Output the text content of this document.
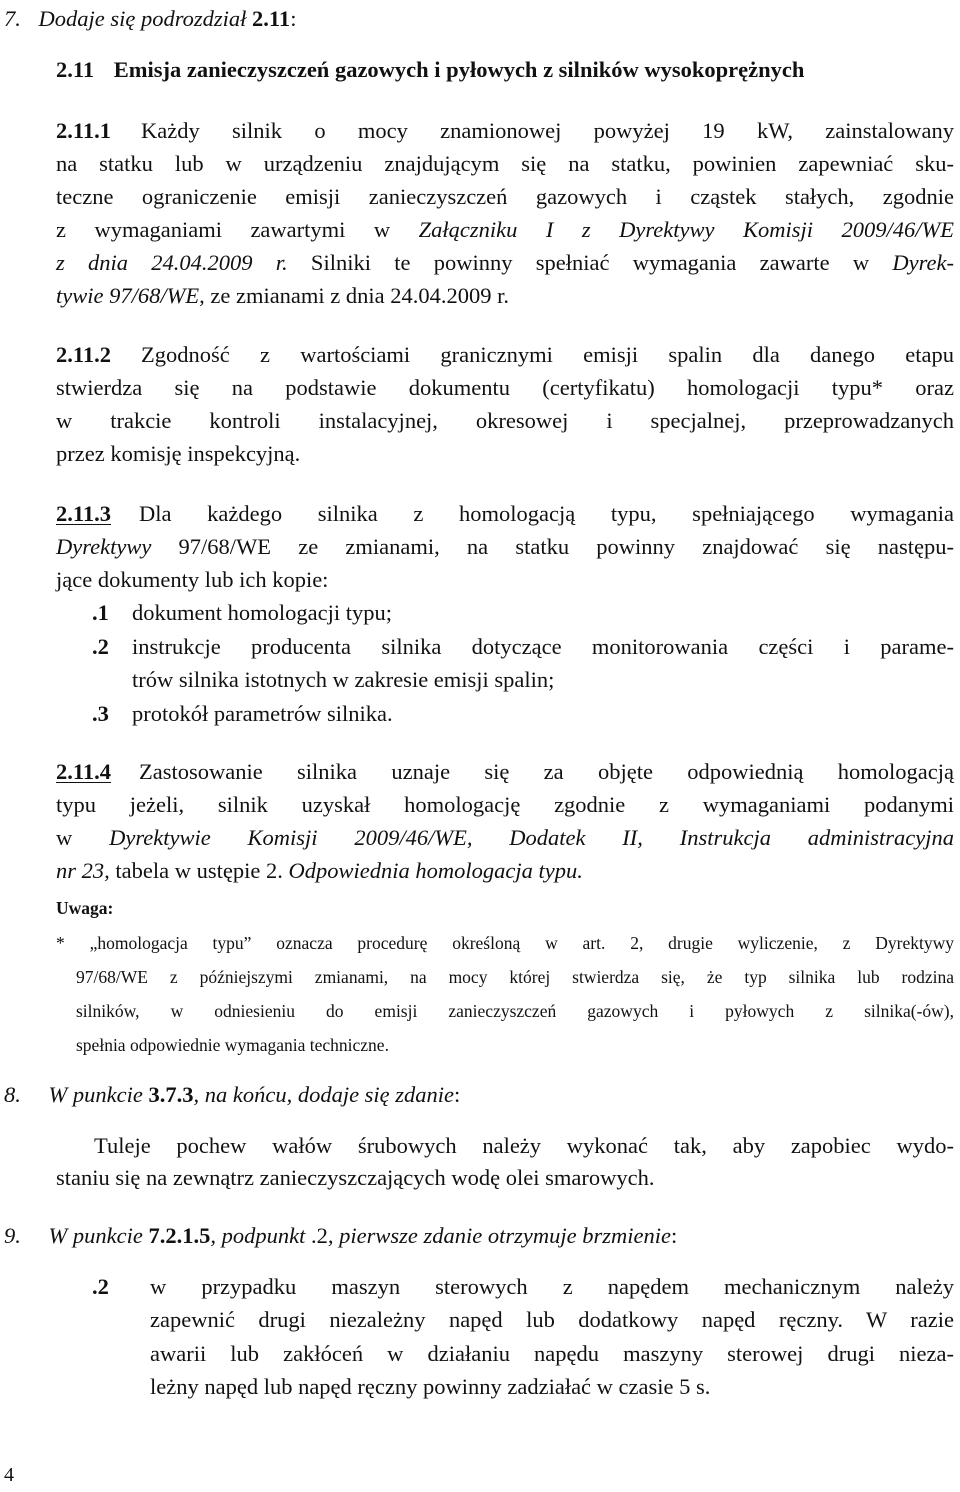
7. Dodaje się podrozdział 2.11:
2.11 Emisja zanieczyszczeń gazowych i pyłowych z silników wysokoprężnych
2.11.1 Każdy silnik o mocy znamionowej powyżej 19 kW, zainstalowany
na statku lub w urządzeniu znajdującym się na statku, powinien zapewniać sku-
teczne ograniczenie emisji zanieczyszczeń gazowych i cząstek stałych, zgodnie
z wymaganiami zawartymi w Załączniku I z Dyrektywy Komisji 2009/46/WE
z dnia 24.04.2009 r. Silniki te powinny spełniać wymagania zawarte w Dyrek-
tywie 97/68/WE, ze zmianami z dnia 24.04.2009 r.
2.11.2 Zgodność z wartościami granicznymi emisji spalin dla danego etapu
stwierdza się na podstawie dokumentu (certyfikatu) homologacji typu* oraz
w trakcie kontroli instalacyjnej, okresowej i specjalnej, przeprowadzanych
przez komisję inspekcyjną.
2.11.3 Dla każdego silnika z homologacją typu, spełniającego wymagania
Dyrektywy 97/68/WE ze zmianami, na statku powinny znajdować się następu-
jące dokumenty lub ich kopie:
.1 dokument homologacji typu;
.2 instrukcje producenta silnika dotyczące monitorowania części i parame-
trów silnika istotnych w zakresie emisji spalin;
.3 protokół parametrów silnika.
2.11.4 Zastosowanie silnika uznaje się za objęte odpowiednią homologacją
typu jeżeli, silnik uzyskał homologację zgodnie z wymaganiami podanymi
w Dyrektywie Komisji 2009/46/WE, Dodatek II, Instrukcja administracyjna
nr 23, tabela w ustępie 2. Odpowiednia homologacja typu.
Uwaga:
* „homologacja typu” oznacza procedurę określoną w art. 2, drugie wyliczenie, z Dyrektywy
97/68/WE z późniejszymi zmianami, na mocy której stwierdza się, że typ silnika lub rodzina
silników, w odniesieniu do emisji zanieczyszczeń gazowych i pyłowych z silnika(-ów),
spełnia odpowiednie wymagania techniczne.
8. W punkcie 3.7.3, na końcu, dodaje się zdanie:
Tuleje pochew wałów śrubowych należy wykonać tak, aby zapobiec wydo-
staniu się na zewnątrz zanieczyszczających wodę olei smarowych.
9. W punkcie 7.2.1.5, podpunkt .2, pierwsze zdanie otrzymuje brzmienie:
.2 w przypadku maszyn sterowych z napędem mechanicznym należy
zapewnić drugi niezależny napęd lub dodatkowy napęd ręczny. W razie
awarii lub zakłóceń w działaniu napędu maszyny sterowej drugi nieza-
leżny napęd lub napęd ręczny powinny zadziałać w czasie 5 s.
4
